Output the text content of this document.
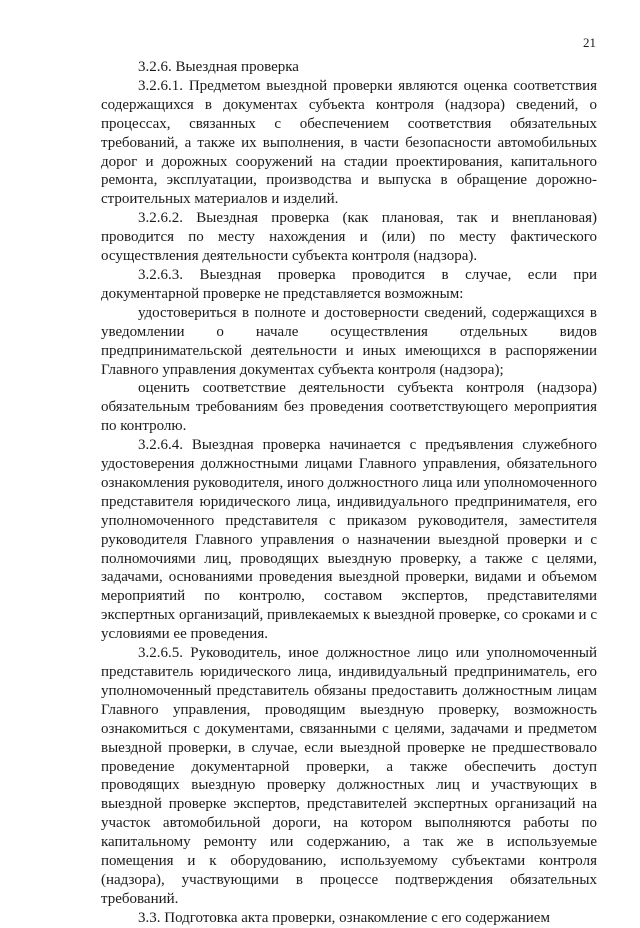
21

3.2.6. Выездная проверка

3.2.6.1. Предметом выездной проверки являются оценка соответствия содержащихся в документах субъекта контроля (надзора) сведений, о процессах, связанных с обеспечением соответствия обязательных требований, а также их выполнения, в части безопасности автомобильных дорог и дорожных сооружений на стадии проектирования, капитального ремонта, эксплуатации, производства и выпуска в обращение дорожно-строительных материалов и изделий.

3.2.6.2. Выездная проверка (как плановая, так и внеплановая) проводится по месту нахождения и (или) по месту фактического осуществления деятельности субъекта контроля (надзора).

3.2.6.3. Выездная проверка проводится в случае, если при документарной проверке не представляется возможным:

удостовериться в полноте и достоверности сведений, содержащихся в уведомлении о начале осуществления отдельных видов предпринимательской деятельности и иных имеющихся в распоряжении Главного управления документах субъекта контроля (надзора);

оценить соответствие деятельности субъекта контроля (надзора) обязательным требованиям без проведения соответствующего мероприятия по контролю.

3.2.6.4. Выездная проверка начинается с предъявления служебного удостоверения должностными лицами Главного управления, обязательного ознакомления руководителя, иного должностного лица или уполномоченного представителя юридического лица, индивидуального предпринимателя, его уполномоченного представителя с приказом руководителя, заместителя руководителя Главного управления о назначении выездной проверки и с полномочиями лиц, проводящих выездную проверку, а также с целями, задачами, основаниями проведения выездной проверки, видами и объемом мероприятий по контролю, составом экспертов, представителями экспертных организаций, привлекаемых к выездной проверке, со сроками и с условиями ее проведения.

3.2.6.5. Руководитель, иное должностное лицо или уполномоченный представитель юридического лица, индивидуальный предприниматель, его уполномоченный представитель обязаны предоставить должностным лицам Главного управления, проводящим выездную проверку, возможность ознакомиться с документами, связанными с целями, задачами и предметом выездной проверки, в случае, если выездной проверке не предшествовало проведение документарной проверки, а также обеспечить доступ проводящих выездную проверку должностных лиц и участвующих в выездной проверке экспертов, представителей экспертных организаций на участок автомобильной дороги, на котором выполняются работы по капитальному ремонту или содержанию, а так же в используемые помещения и к оборудованию, используемому субъектами контроля (надзора), участвующими в процессе подтверждения обязательных требований.

3.3. Подготовка акта проверки, ознакомление с его содержанием
